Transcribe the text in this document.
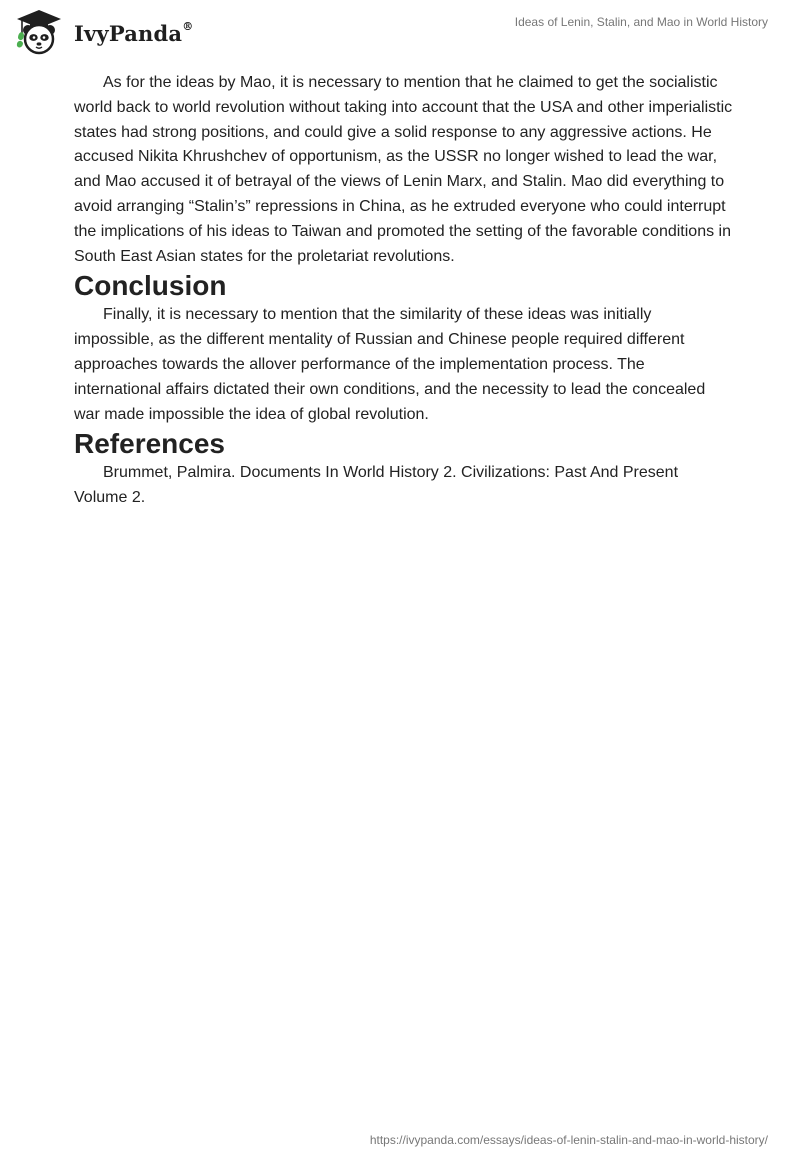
IvyPanda®	Ideas of Lenin, Stalin, and Mao in World History

As for the ideas by Mao, it is necessary to mention that he claimed to get the socialistic world back to world revolution without taking into account that the USA and other imperialistic states had strong positions, and could give a solid response to any aggressive actions. He accused Nikita Khrushchev of opportunism, as the USSR no longer wished to lead the war, and Mao accused it of betrayal of the views of Lenin Marx, and Stalin. Mao did everything to avoid arranging “Stalin’s” repressions in China, as he extruded everyone who could interrupt the implications of his ideas to Taiwan and promoted the setting of the favorable conditions in South East Asian states for the proletariat revolutions.

Conclusion

Finally, it is necessary to mention that the similarity of these ideas was initially impossible, as the different mentality of Russian and Chinese people required different approaches towards the allover performance of the implementation process. The international affairs dictated their own conditions, and the necessity to lead the concealed war made impossible the idea of global revolution.

References

Brummet, Palmira. Documents In World History 2. Civilizations: Past And Present Volume 2.

https://ivypanda.com/essays/ideas-of-lenin-stalin-and-mao-in-world-history/
